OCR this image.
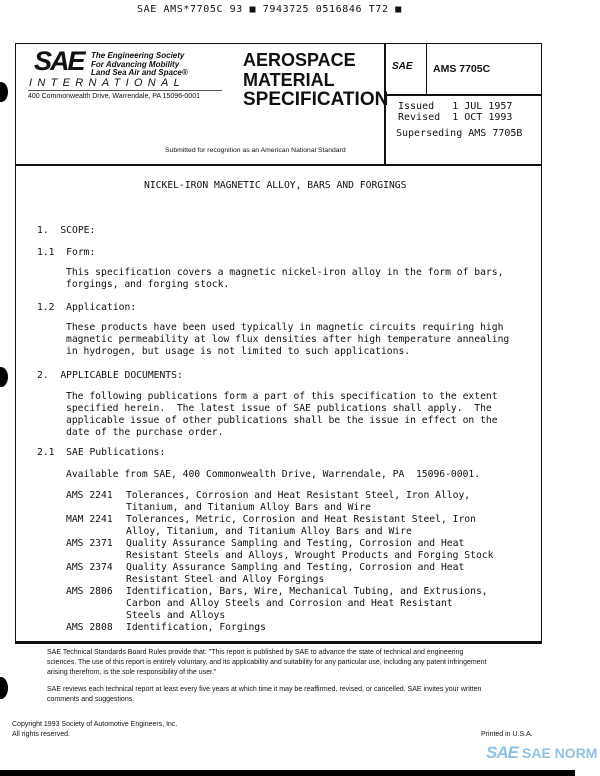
SAE AMS*7705C 93 ■ 7943725 0516846 T72 ■
SAE The Engineering Society
For Advancing Mobility
Land Sea Air and Space®
INTERNATIONAL
400 Commonwealth Drive, Warrendale, PA 15096-0001
AEROSPACE
MATERIAL
SPECIFICATION
Submitted for recognition as an American National Standard
SAE AMS 7705C
Issued 1 JUL 1957
Revised 1 OCT 1993
Superseding AMS 7705B
NICKEL-IRON MAGNETIC ALLOY, BARS AND FORGINGS
1.  SCOPE:
1.1  Form:
This specification covers a magnetic nickel-iron alloy in the form of bars,
forgings, and forging stock.
1.2  Application:
These products have been used typically in magnetic circuits requiring high
magnetic permeability at low flux densities after high temperature annealing
in hydrogen, but usage is not limited to such applications.
2.  APPLICABLE DOCUMENTS:
The following publications form a part of this specification to the extent
specified herein.  The latest issue of SAE publications shall apply.  The
applicable issue of other publications shall be the issue in effect on the
date of the purchase order.
2.1  SAE Publications:
Available from SAE, 400 Commonwealth Drive, Warrendale, PA  15096-0001.
AMS 2241	Tolerances, Corrosion and Heat Resistant Steel, Iron Alloy,
Titanium, and Titanium Alloy Bars and Wire
MAM 2241	Tolerances, Metric, Corrosion and Heat Resistant Steel, Iron
Alloy, Titanium, and Titanium Alloy Bars and Wire
AMS 2371	Quality Assurance Sampling and Testing, Corrosion and Heat
Resistant Steels and Alloys, Wrought Products and Forging Stock
AMS 2374	Quality Assurance Sampling and Testing, Corrosion and Heat
Resistant Steel and Alloy Forgings
AMS 2806	Identification, Bars, Wire, Mechanical Tubing, and Extrusions,
Carbon and Alloy Steels and Corrosion and Heat Resistant
Steels and Alloys
AMS 2808	Identification, Forgings
SAE Technical Standards Board Rules provide that: "This report is published by SAE to advance the state of technical and engineering
sciences. The use of this report is entirely voluntary, and its applicability and suitability for any particular use, including any patent infringement
arising therefrom, is the sole responsibility of the user."
SAE reviews each technical report at least every five years at which time it may be reaffirmed, revised, or cancelled. SAE invites your written
comments and suggestions.
Copyright 1993 Society of Automotive Engineers, Inc.
All rights reserved.	Printed in U.S.A.
SAE SAE NORM
